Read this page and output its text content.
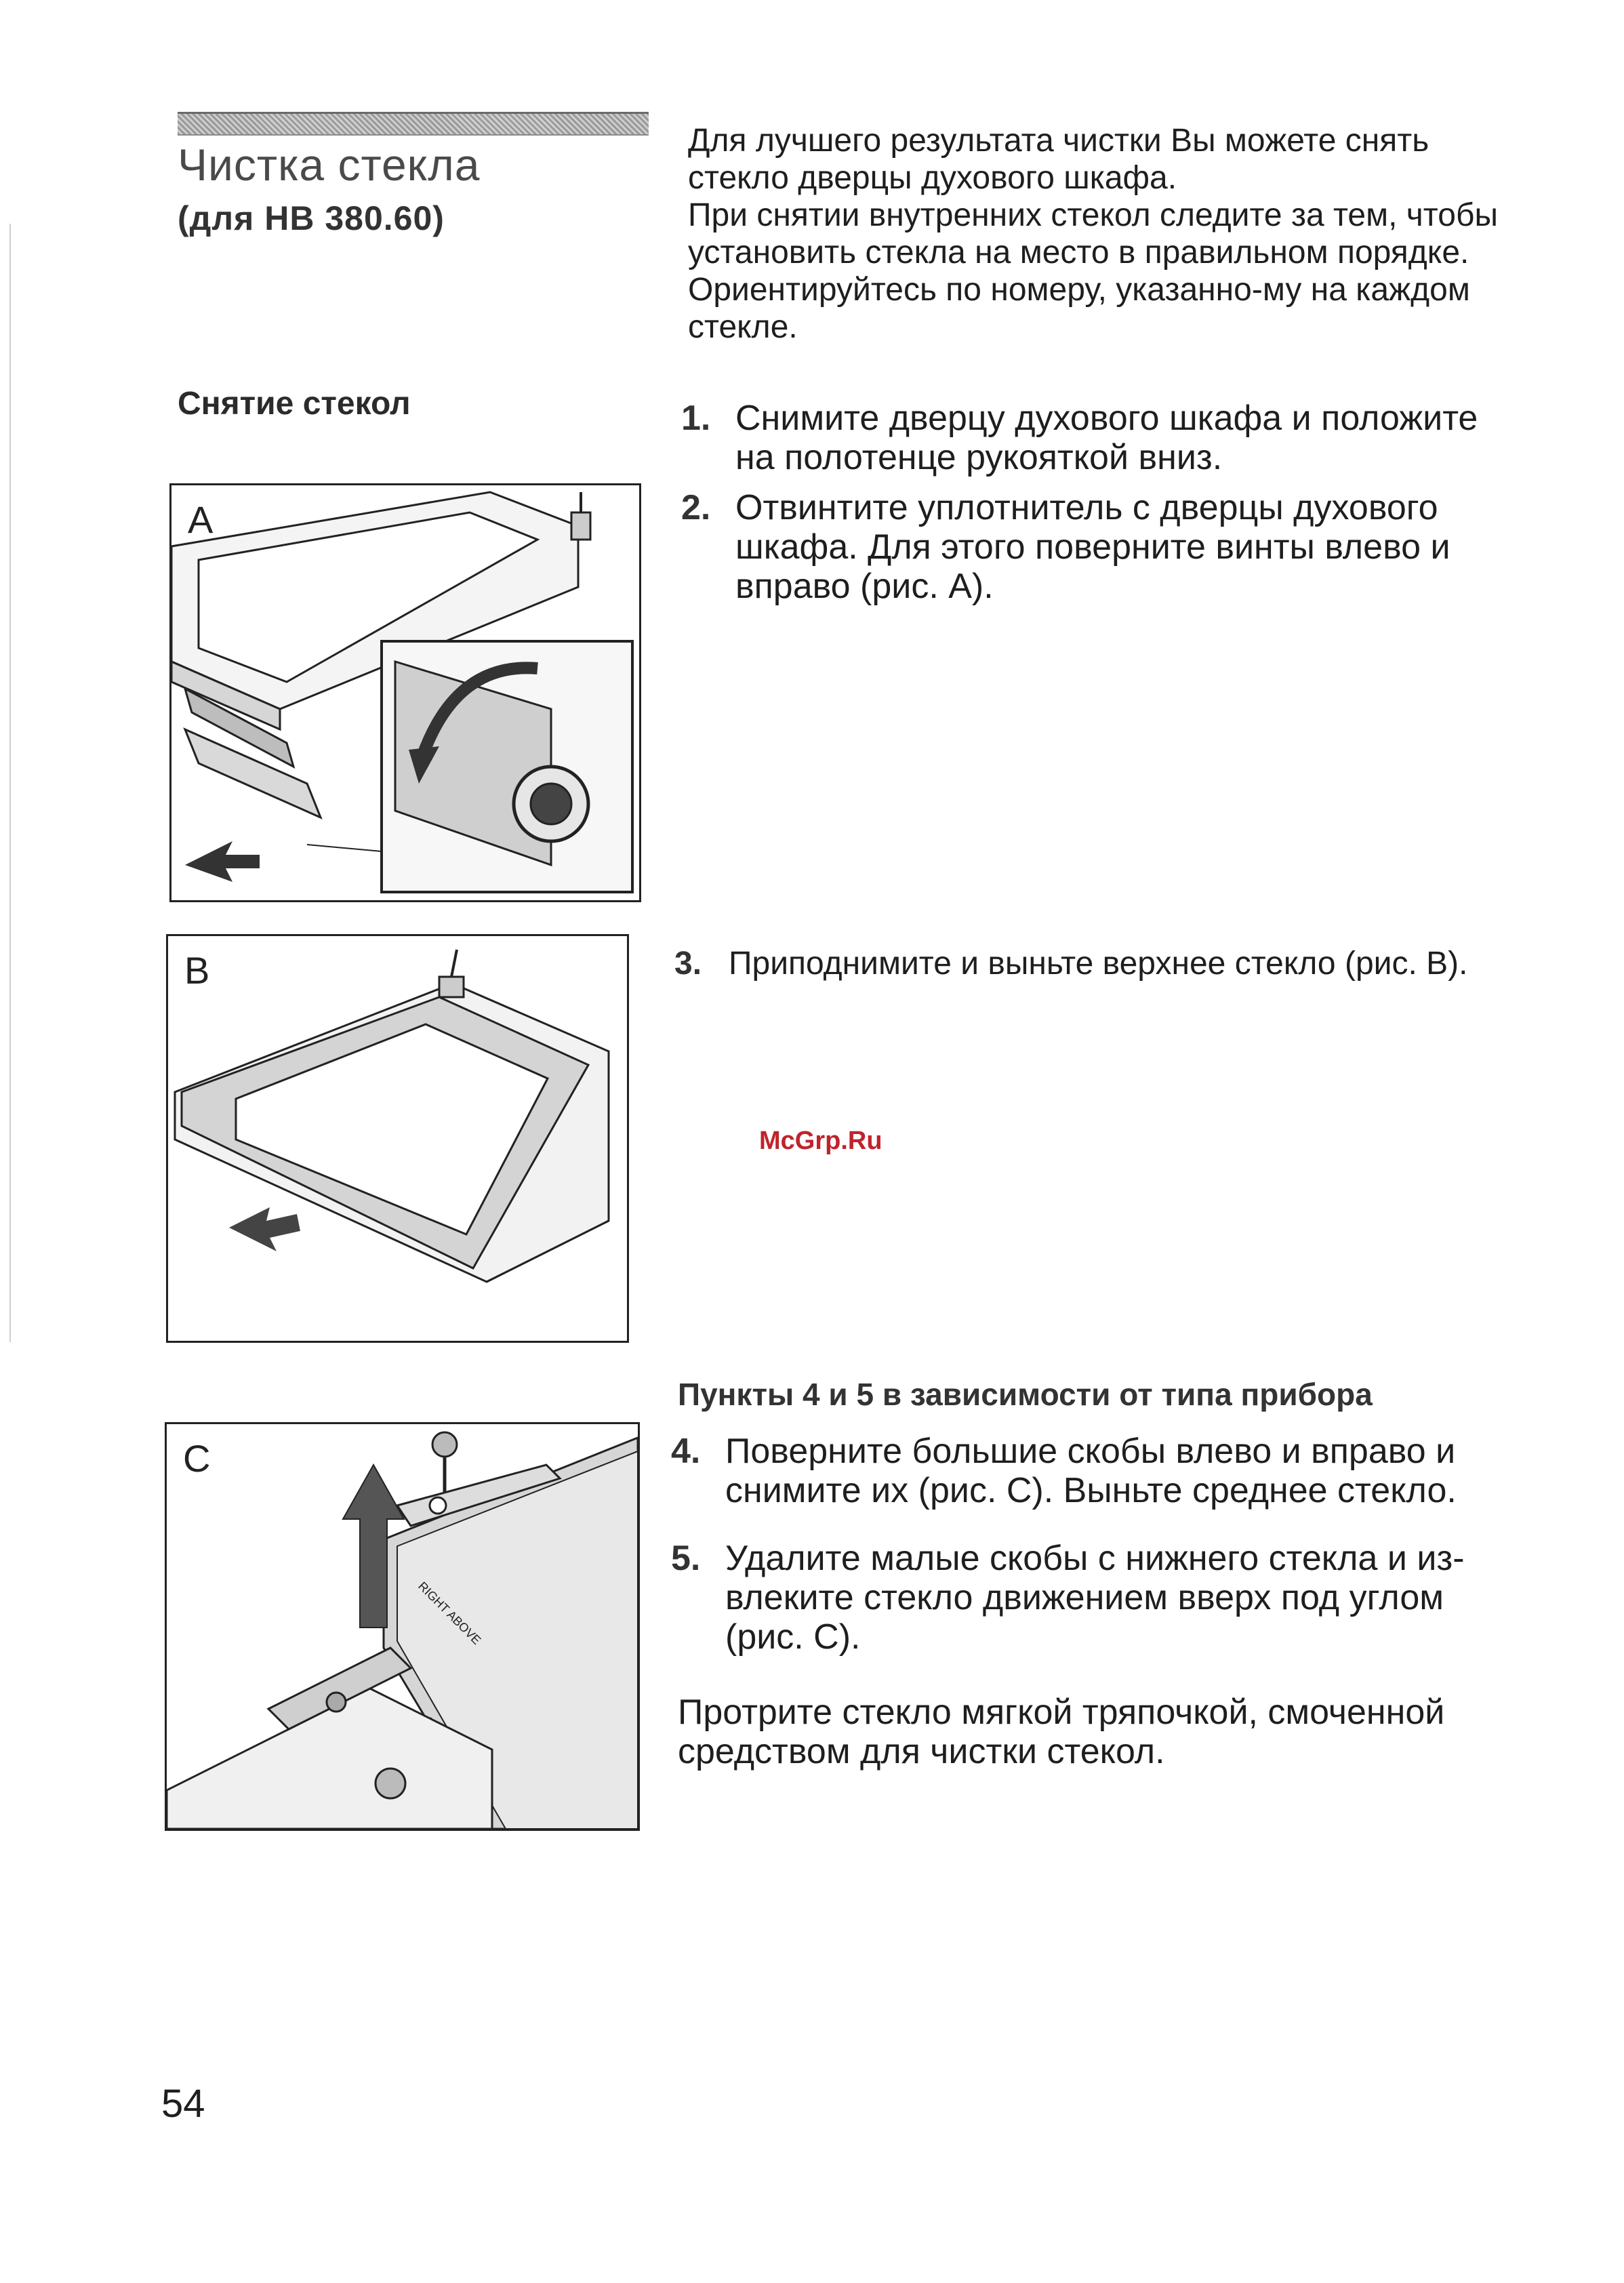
Чистка стекла
(для НВ 380.60)
Для лучшего результата чистки Вы можете снять стекло дверцы духового шкафа.
При снятии внутренних стекол следите за тем, чтобы установить стекла на место в правильном порядке. Ориентируйтесь по номеру, указанно-му на каждом стекле.
Снятие стекол	1. Снимите дверцу духового шкафа и положите на полотенце рукояткой вниз.
2. Отвинтите уплотнитель с дверцы духового шкафа. Для этого поверните винты влево и вправо (рис. А).
3. Приподнимите и выньте верхнее стекло (рис. В).
Пункты 4 и 5 в зависимости от типа прибора
4. Поверните большие скобы влево и вправо и снимите их (рис. С). Выньте среднее стекло.
5. Удалите малые скобы с нижнего стекла и из-влеките стекло движением вверх под углом (рис. С).
Протрите стекло мягкой тряпочкой, смоченной средством для чистки стекол.
McGrp.Ru
A
B
RIGHT ABOVE
C
54
